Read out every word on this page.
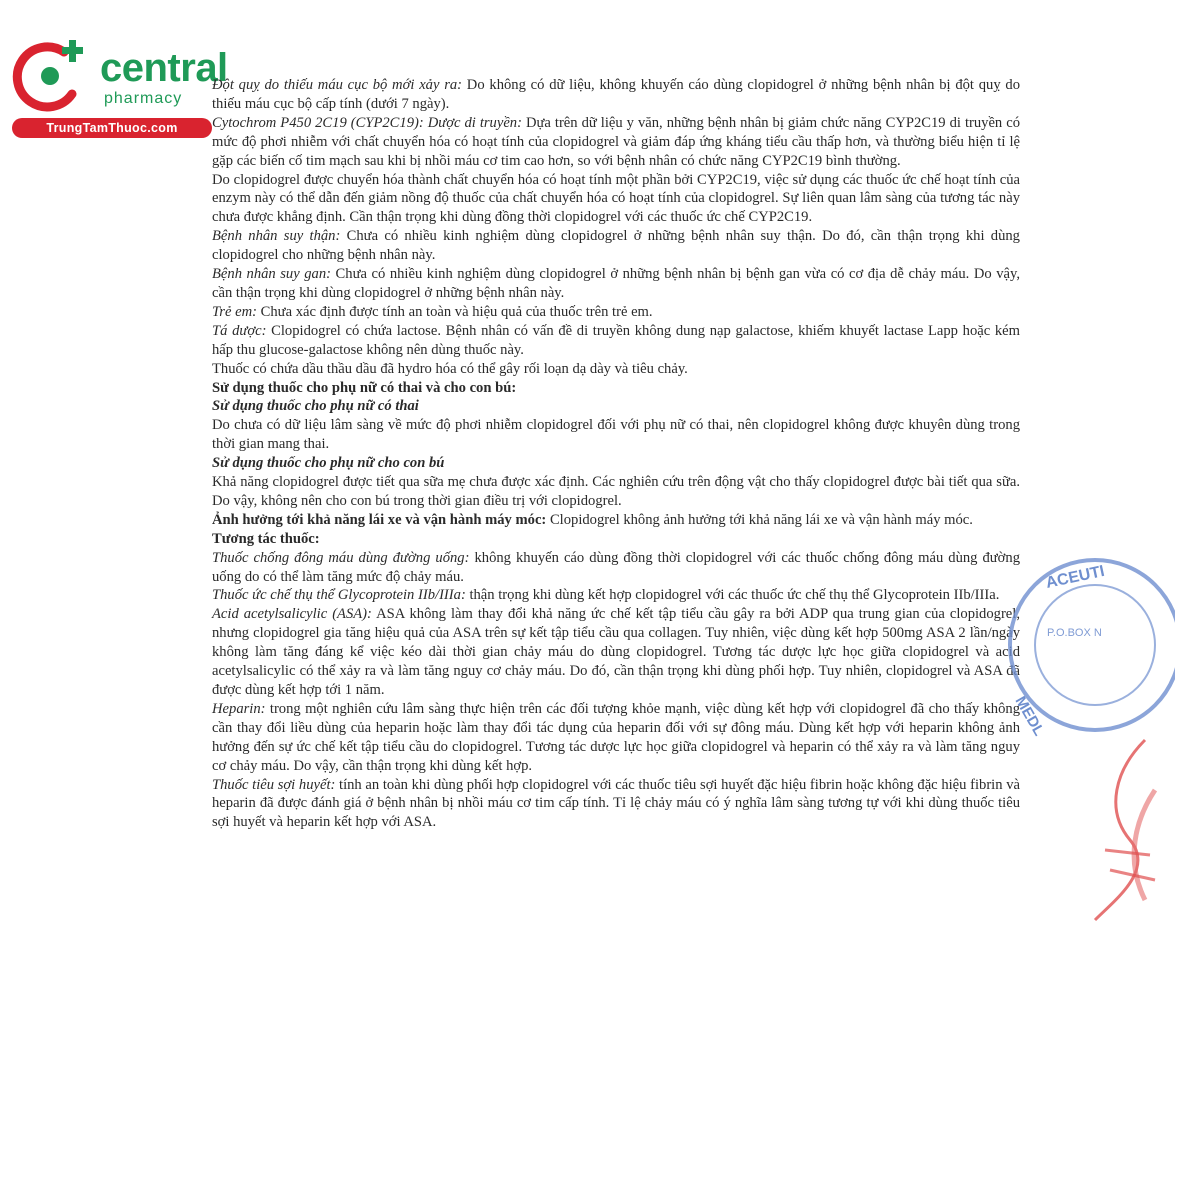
central
pharmacy
TrungTamThuoc.com

Đột quỵ do thiếu máu cục bộ mới xảy ra: Do không có dữ liệu, không khuyến cáo dùng clopidogrel ở những bệnh nhân bị đột quỵ do thiếu máu cục bộ cấp tính (dưới 7 ngày).

Cytochrom P450 2C19 (CYP2C19): Dược di truyền: Dựa trên dữ liệu y văn, những bệnh nhân bị giảm chức năng CYP2C19 di truyền có mức độ phơi nhiễm với chất chuyển hóa có hoạt tính của clopidogrel và giảm đáp ứng kháng tiểu cầu thấp hơn, và thường biểu hiện tỉ lệ gặp các biến cố tim mạch sau khi bị nhồi máu cơ tim cao hơn, so với bệnh nhân có chức năng CYP2C19 bình thường.

Do clopidogrel được chuyển hóa thành chất chuyển hóa có hoạt tính một phần bởi CYP2C19, việc sử dụng các thuốc ức chế hoạt tính của enzym này có thể dẫn đến giảm nồng độ thuốc của chất chuyển hóa có hoạt tính của clopidogrel. Sự liên quan lâm sàng của tương tác này chưa được khẳng định. Cần thận trọng khi dùng đồng thời clopidogrel với các thuốc ức chế CYP2C19.

Bệnh nhân suy thận: Chưa có nhiều kinh nghiệm dùng clopidogrel ở những bệnh nhân suy thận. Do đó, cần thận trọng khi dùng clopidogrel cho những bệnh nhân này.

Bệnh nhân suy gan: Chưa có nhiều kinh nghiệm dùng clopidogrel ở những bệnh nhân bị bệnh gan vừa có cơ địa dễ chảy máu. Do vậy, cần thận trọng khi dùng clopidogrel ở những bệnh nhân này.

Trẻ em: Chưa xác định được tính an toàn và hiệu quả của thuốc trên trẻ em.

Tá dược: Clopidogrel có chứa lactose. Bệnh nhân có vấn đề di truyền không dung nạp galactose, khiếm khuyết lactase Lapp hoặc kém hấp thu glucose-galactose không nên dùng thuốc này.

Thuốc có chứa dầu thầu dầu đã hydro hóa có thể gây rối loạn dạ dày và tiêu chảy.

Sử dụng thuốc cho phụ nữ có thai và cho con bú:

Sử dụng thuốc cho phụ nữ có thai

Do chưa có dữ liệu lâm sàng về mức độ phơi nhiễm clopidogrel đối với phụ nữ có thai, nên clopidogrel không được khuyên dùng trong thời gian mang thai.

Sử dụng thuốc cho phụ nữ cho con bú

Khả năng clopidogrel được tiết qua sữa mẹ chưa được xác định. Các nghiên cứu trên động vật cho thấy clopidogrel được bài tiết qua sữa. Do vậy, không nên cho con bú trong thời gian điều trị với clopidogrel.

Ảnh hưởng tới khả năng lái xe và vận hành máy móc: Clopidogrel không ảnh hưởng tới khả năng lái xe và vận hành máy móc.

Tương tác thuốc:

Thuốc chống đông máu dùng đường uống: không khuyến cáo dùng đồng thời clopidogrel với các thuốc chống đông máu dùng đường uống do có thể làm tăng mức độ chảy máu.

Thuốc ức chế thụ thể Glycoprotein IIb/IIIa: thận trọng khi dùng kết hợp clopidogrel với các thuốc ức chế thụ thể Glycoprotein IIb/IIIa.

Acid acetylsalicylic (ASA): ASA không làm thay đổi khả năng ức chế kết tập tiểu cầu gây ra bởi ADP qua trung gian của clopidogrel, nhưng clopidogrel gia tăng hiệu quả của ASA trên sự kết tập tiểu cầu qua collagen. Tuy nhiên, việc dùng kết hợp 500mg ASA 2 lần/ngày không làm tăng đáng kể việc kéo dài thời gian chảy máu do dùng clopidogrel. Tương tác dược lực học giữa clopidogrel và acid acetylsalicylic có thể xảy ra và làm tăng nguy cơ chảy máu. Do đó, cần thận trọng khi dùng phối hợp. Tuy nhiên, clopidogrel và ASA đã được dùng kết hợp tới 1 năm.

Heparin: trong một nghiên cứu lâm sàng thực hiện trên các đối tượng khỏe mạnh, việc dùng kết hợp với clopidogrel đã cho thấy không cần thay đổi liều dùng của heparin hoặc làm thay đổi tác dụng của heparin đối với sự đông máu. Dùng kết hợp với heparin không ảnh hưởng đến sự ức chế kết tập tiểu cầu do clopidogrel. Tương tác dược lực học giữa clopidogrel và heparin có thể xảy ra và làm tăng nguy cơ chảy máu. Do vậy, cần thận trọng khi dùng kết hợp.

Thuốc tiêu sợi huyết: tính an toàn khi dùng phối hợp clopidogrel với các thuốc tiêu sợi huyết đặc hiệu fibrin hoặc không đặc hiệu fibrin và heparin đã được đánh giá ở bệnh nhân bị nhồi máu cơ tim cấp tính. Tỉ lệ chảy máu có ý nghĩa lâm sàng tương tự với khi dùng thuốc tiêu sợi huyết và heparin kết hợp với ASA.

ACEUTI
P.O.BOX N
MEDL
